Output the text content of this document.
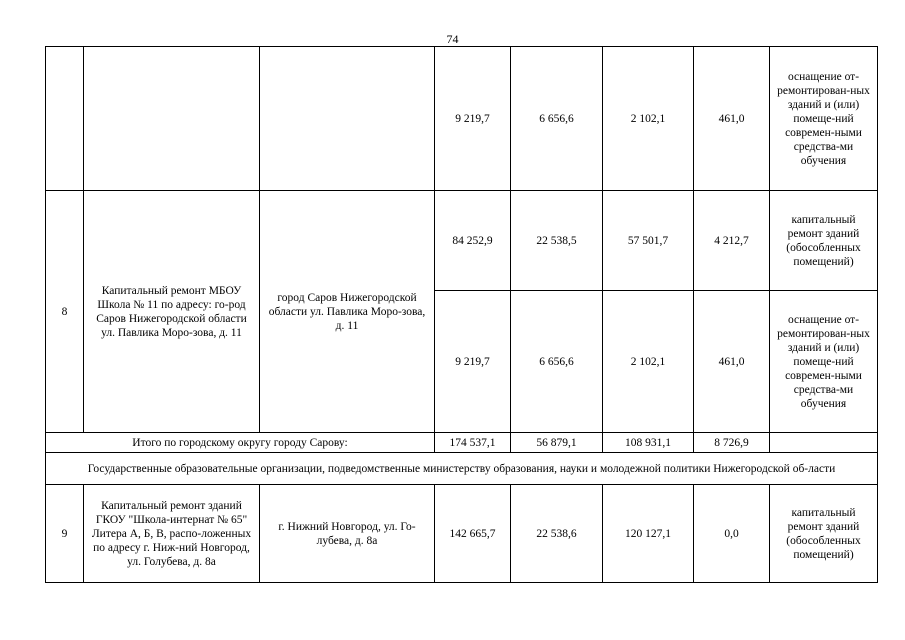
74
			9 219,7	6 656,6	2 102,1	461,0	оснащение от-ремонтирован-ных зданий и (или) помеще-ний современ-ными средства-ми обучения
8	Капитальный ремонт МБОУ Школа № 11 по адресу: го-род Саров Нижегородской области ул. Павлика Моро-зова, д. 11	город Саров Нижегородской области ул. Павлика Моро-зова, д. 11	84 252,9	22 538,5	57 501,7	4 212,7	капитальный ремонт зданий (обособленных помещений)
			9 219,7	6 656,6	2 102,1	461,0	оснащение от-ремонтирован-ных зданий и (или) помеще-ний современ-ными средства-ми обучения
Итого по городскому округу городу Сарову:			174 537,1	56 879,1	108 931,1	8 726,9	
Государственные образовательные организации, подведомственные министерству образования, науки и молодежной политики Нижегородской об-ласти							
9	Капитальный ремонт зданий ГКОУ "Школа-интернат № 65" Литера А, Б, В, распо-ложенных по адресу г. Ниж-ний Новгород, ул. Голубева, д. 8а	г. Нижний Новгород, ул. Го-лубева, д. 8а	142 665,7	22 538,6	120 127,1	0,0	капитальный ремонт зданий (обособленных помещений)
